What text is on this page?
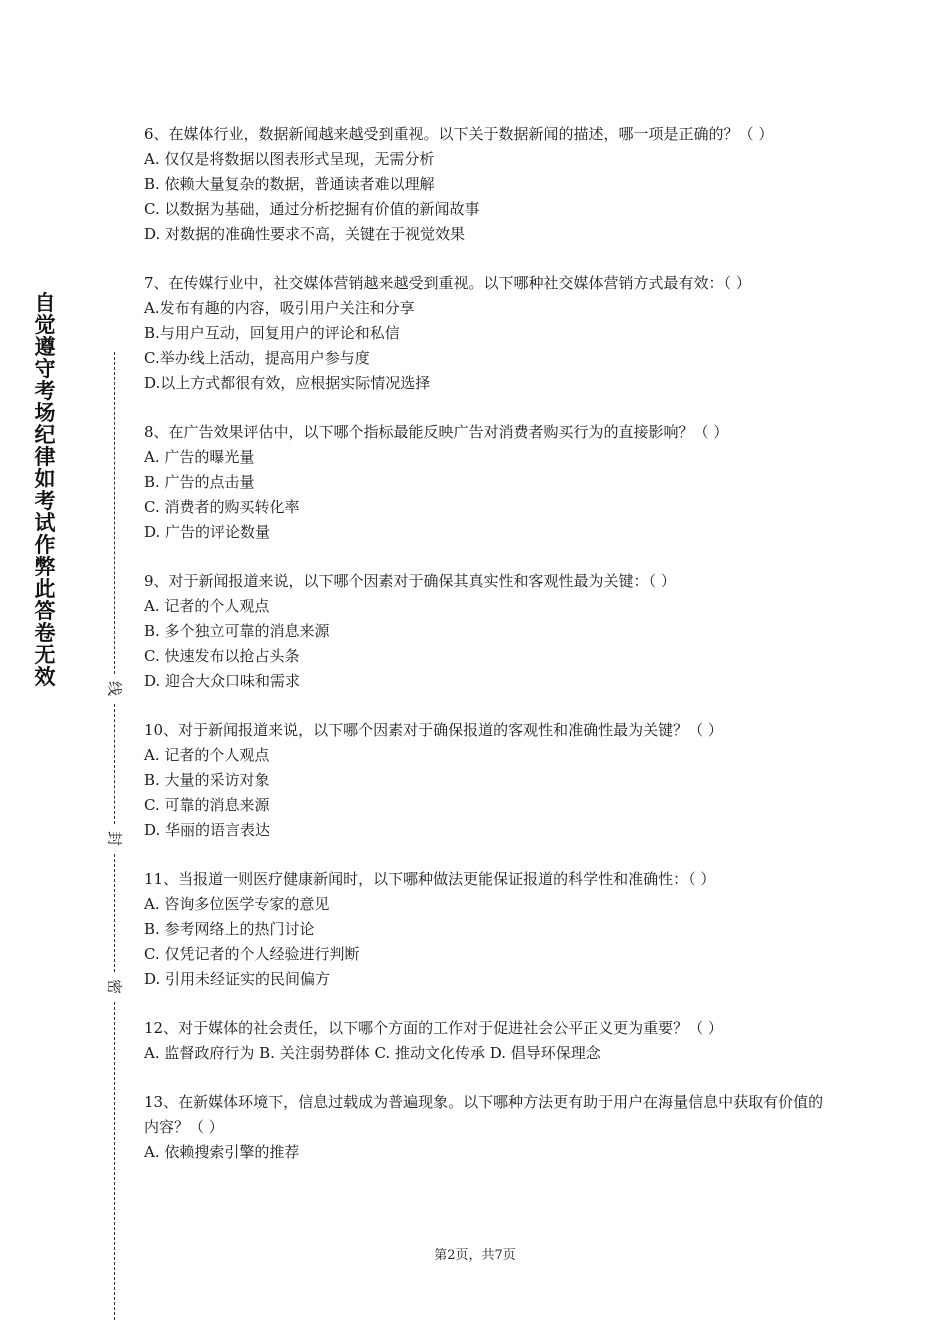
自
觉
遵
守
考
场
纪
律
如
考
试
作
弊
此
答
卷
无
效	线
封
密

6、在媒体行业，数据新闻越来越受到重视。以下关于数据新闻的描述，哪一项是正确的？（ ）

A. 仅仅是将数据以图表形式呈现，无需分析

B. 依赖大量复杂的数据，普通读者难以理解

C. 以数据为基础，通过分析挖掘有价值的新闻故事

D. 对数据的准确性要求不高，关键在于视觉效果

7、在传媒行业中，社交媒体营销越来越受到重视。以下哪种社交媒体营销方式最有效：（ ）

A.发布有趣的内容，吸引用户关注和分享

B.与用户互动，回复用户的评论和私信

C.举办线上活动，提高用户参与度

D.以上方式都很有效，应根据实际情况选择

8、在广告效果评估中，以下哪个指标最能反映广告对消费者购买行为的直接影响？（ ）

A. 广告的曝光量

B. 广告的点击量

C. 消费者的购买转化率

D. 广告的评论数量

9、对于新闻报道来说，以下哪个因素对于确保其真实性和客观性最为关键：（ ）

A. 记者的个人观点

B. 多个独立可靠的消息来源

C. 快速发布以抢占头条

D. 迎合大众口味和需求

10、对于新闻报道来说，以下哪个因素对于确保报道的客观性和准确性最为关键？（ ）

A. 记者的个人观点

B. 大量的采访对象

C. 可靠的消息来源

D. 华丽的语言表达

11、当报道一则医疗健康新闻时，以下哪种做法更能保证报道的科学性和准确性：（ ）

A. 咨询多位医学专家的意见

B. 参考网络上的热门讨论

C. 仅凭记者的个人经验进行判断

D. 引用未经证实的民间偏方

12、对于媒体的社会责任，以下哪个方面的工作对于促进社会公平正义更为重要？（ ）

A. 监督政府行为 B. 关注弱势群体 C. 推动文化传承 D. 倡导环保理念

13、在新媒体环境下，信息过载成为普遍现象。以下哪种方法更有助于用户在海量信息中获取有价值的内容？（ ）

A. 依赖搜索引擎的推荐

第2页，共7页
